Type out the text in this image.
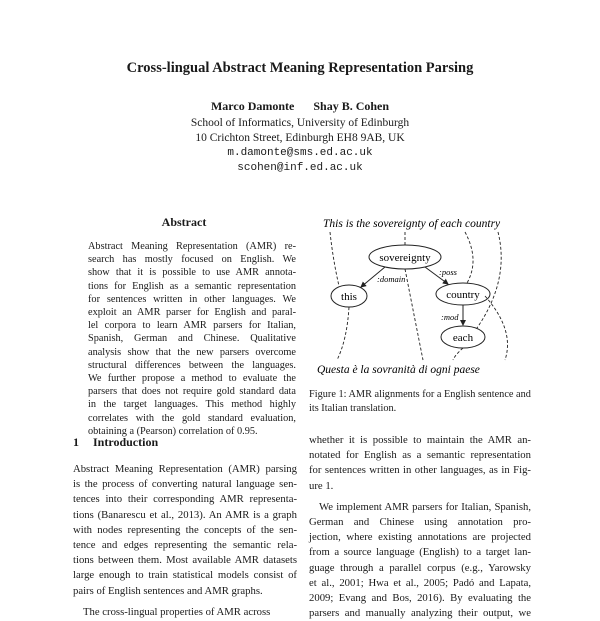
Cross-lingual Abstract Meaning Representation Parsing
Marco Damonte Shay B. Cohen
School of Informatics, University of Edinburgh
10 Crichton Street, Edinburgh EH8 9AB, UK
m.damonte@sms.ed.ac.uk
scohen@inf.ed.ac.uk
Abstract
Abstract Meaning Representation (AMR) re-
search has mostly focused on English. We
show that it is possible to use AMR annota-
tions for English as a semantic representation
for sentences written in other languages. We
exploit an AMR parser for English and paral-
lel corpora to learn AMR parsers for Italian,
Spanish, German and Chinese. Qualitative
analysis show that the new parsers overcome
structural differences between the languages.
We further propose a method to evaluate the
parsers that does not require gold standard data
in the target languages. This method highly
correlates with the gold standard evaluation,
obtaining a (Pearson) correlation of 0.95.
1 Introduction
Abstract Meaning Representation (AMR) parsing
is the process of converting natural language sen-
tences into their corresponding AMR representa-
tions (Banarescu et al., 2013). An AMR is a graph
with nodes representing the concepts of the sen-
tence and edges representing the semantic rela-
tions between them. Most available AMR datasets
large enough to train statistical models consist of
pairs of English sentences and AMR graphs.
The cross-lingual properties of AMR across
This is the sovereignty of each country
sovereignty
this	country
each
:domain
:poss
:mod
Questa è la sovranità di ogni paese
Figure 1: AMR alignments for a English sentence and
its Italian translation.
whether it is possible to maintain the AMR an-
notated for English as a semantic representation
for sentences written in other languages, as in Fig-
ure 1.
We implement AMR parsers for Italian, Spanish,
German and Chinese using annotation pro-
jection, where existing annotations are projected
from a source language (English) to a target lan-
guage through a parallel corpus (e.g., Yarowsky
et al., 2001; Hwa et al., 2005; Padó and Lapata,
2009; Evang and Bos, 2016). By evaluating the
parsers and manually analyzing their output, we
